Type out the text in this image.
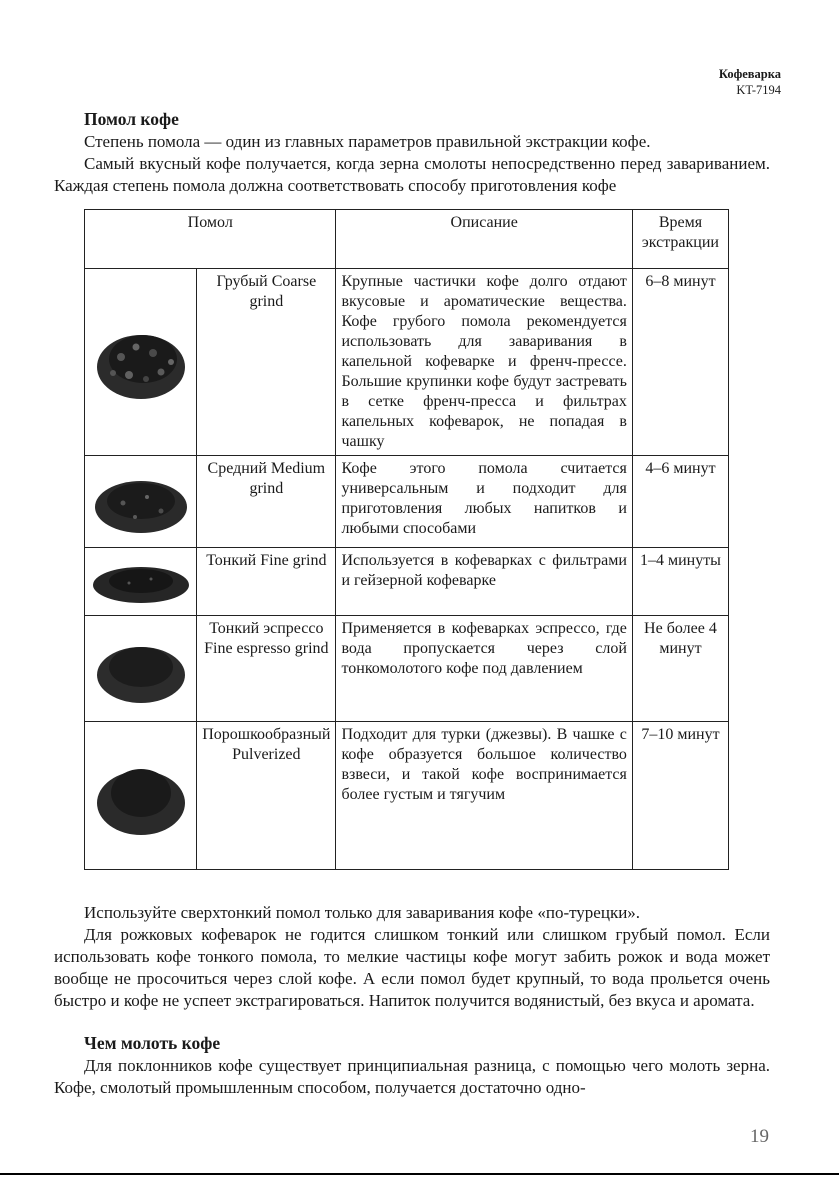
Кофеварка
KT-7194
Помол кофе

Степень помола — один из главных параметров правильной экстракции кофе.

Самый вкусный кофе получается, когда зерна смолоты непосредственно перед завариванием. Каждая степень помола должна соответствовать способу приготовления кофе

Помол		Описание	Время экстракции

	Грубый Coarse grind	Крупные частички кофе долго отдают вкусовые и ароматические вещества. Кофе грубого помола рекомендуется использовать для заваривания в капельной кофеварке и френч-прессе. Большие крупинки кофе будут застревать в сетке френч-пресса и фильтрах капельных кофеварок, не попадая в чашку	6–8 минут

	Средний Medium grind	Кофе этого помола считается универсальным и подходит для приготовления любых напитков и любыми способами	4–6 минут

	Тонкий Fine grind	Используется в кофеварках с фильтрами и гейзерной кофеварке	1–4 минуты

	Тонкий эспрессо Fine espresso grind	Применяется в кофеварках эспрессо, где вода пропускается через слой тонкомолотого кофе под давлением	Не более 4 минут

	Порошкообразный Pulverized	Подходит для турки (джезвы). В чашке с кофе образуется большое количество взвеси, и такой кофе воспринимается более густым и тягучим	7–10 минут

Используйте сверхтонкий помол только для заваривания кофе «по-турецки».

Для рожковых кофеварок не годится слишком тонкий или слишком грубый помол. Если использовать кофе тонкого помола, то мелкие частицы кофе могут забить рожок и вода может вообще не просочиться через слой кофе. А если помол будет крупный, то вода прольется очень быстро и кофе не успеет экстрагироваться. Напиток получится водянистый, без вкуса и аромата.

Чем молоть кофе

Для поклонников кофе существует принципиальная разница, с помощью чего молоть зерна. Кофе, смолотый промышленным способом, получается достаточно одно-

19
